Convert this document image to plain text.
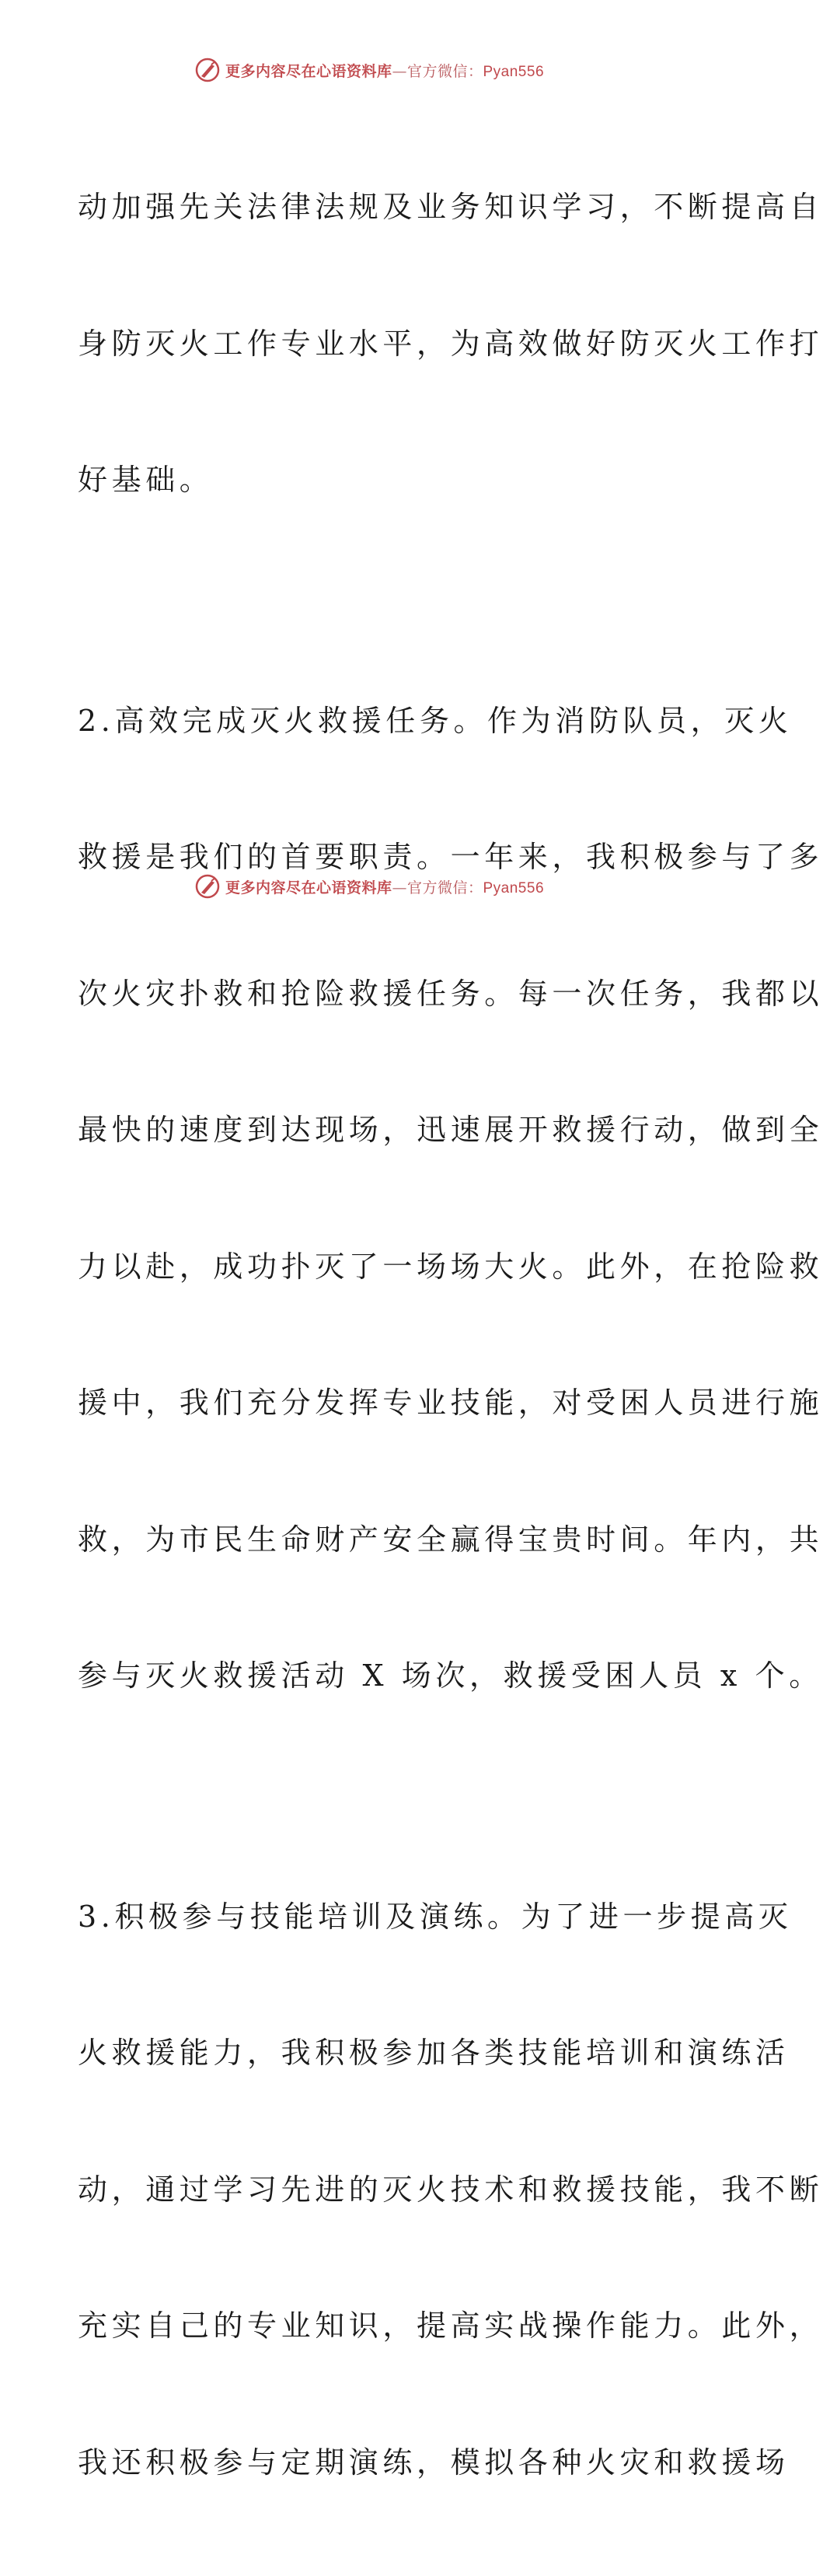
更多内容尽在心语资料库—官方微信：Pyan556

动加强先关法律法规及业务知识学习，不断提高自

身防灭火工作专业水平，为高效做好防灭火工作打

好基础。

2.高效完成灭火救援任务。作为消防队员，灭火

救援是我们的首要职责。一年来，我积极参与了多

次火灾扑救和抢险救援任务。每一次任务，我都以

最快的速度到达现场，迅速展开救援行动，做到全

力以赴，成功扑灭了一场场大火。此外，在抢险救

援中，我们充分发挥专业技能，对受困人员进行施

救，为市民生命财产安全赢得宝贵时间。年内，共

参与灭火救援活动 X 场次，救援受困人员 x 个。

3.积极参与技能培训及演练。为了进一步提高灭

火救援能力，我积极参加各类技能培训和演练活

动，通过学习先进的灭火技术和救援技能，我不断

充实自己的专业知识，提高实战操作能力。此外，

我还积极参与定期演练，模拟各种火灾和救援场

更多内容尽在心语资料库—官方微信：Pyan556
